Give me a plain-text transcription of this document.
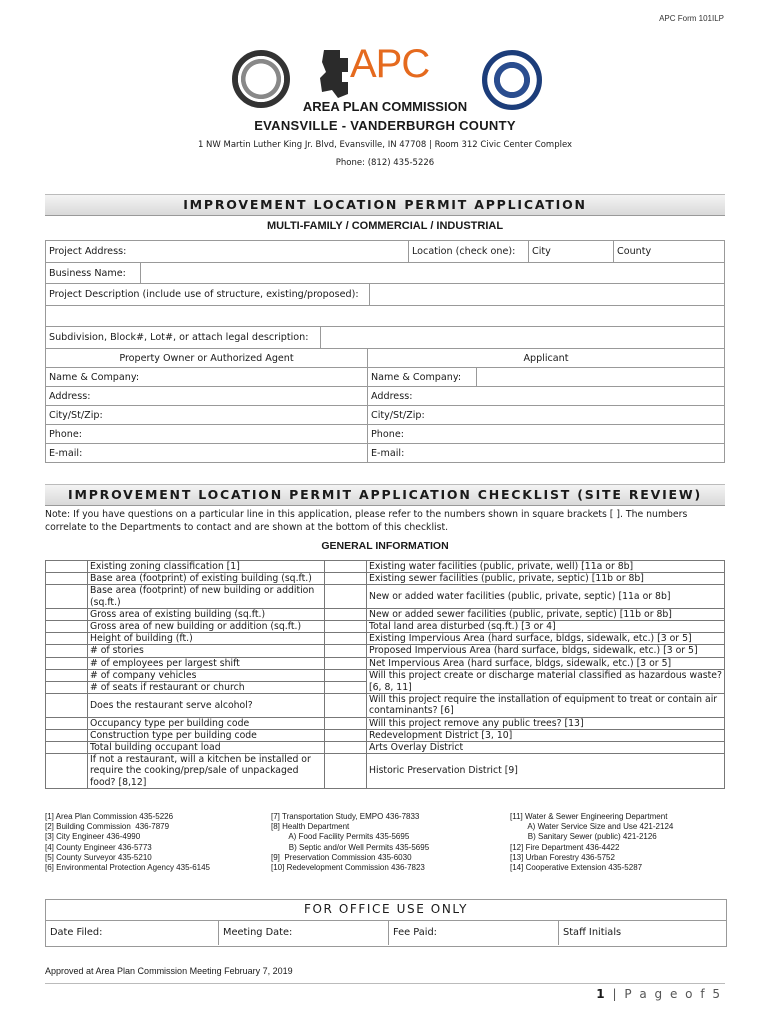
APC Form 101ILP
APC
AREA PLAN COMMISSION
EVANSVILLE - VANDERBURGH COUNTY
1 NW Martin Luther King Jr. Blvd, Evansville, IN 47708 | Room 312 Civic Center Complex
Phone: (812) 435-5226
IMPROVEMENT LOCATION PERMIT APPLICATION
MULTI-FAMILY / COMMERCIAL / INDUSTRIAL
Project Address:	Location (check one):	City	County
Business Name:	
Project Description (include use of structure, existing/proposed):	

Subdivision, Block#, Lot#, or attach legal description:	
Property Owner or Authorized Agent		Applicant	
Name & Company:		Name & Company:	
Address:		Address:	
City/St/Zip:		City/St/Zip:	
Phone:		Phone:	
E-mail:		E-mail:	
IMPROVEMENT LOCATION PERMIT APPLICATION CHECKLIST (SITE REVIEW)
Note: If you have questions on a particular line in this application, please refer to the numbers shown in square brackets [ ]. The numbers correlate to the Departments to contact and are shown at the bottom of this checklist.
GENERAL INFORMATION
	Existing zoning classification [1]		Existing water facilities (public, private, well) [11a or 8b]
	Base area (footprint) of existing building (sq.ft.)		Existing sewer facilities (public, private, septic) [11b or 8b]
	Base area (footprint) of new building or addition (sq.ft.)		New or added water facilities (public, private, septic) [11a or 8b]
	Gross area of existing building (sq.ft.)		New or added sewer facilities (public, private, septic) [11b or 8b]
	Gross area of new building or addition (sq.ft.)		Total land area disturbed (sq.ft.) [3 or 4]
	Height of building (ft.)		Existing Impervious Area (hard surface, bldgs, sidewalk, etc.) [3 or 5]
	# of stories		Proposed Impervious Area (hard surface, bldgs, sidewalk, etc.) [3 or 5]
	# of employees per largest shift		Net Impervious Area (hard surface, bldgs, sidewalk, etc.) [3 or 5]
	# of company vehicles		Will this project create or discharge material classified as hazardous waste? [6, 8, 11]
	# of seats if restaurant or church		
	Does the restaurant serve alcohol?		Will this project require the installation of equipment to treat or contain air contaminants? [6]
	Occupancy type per building code		Will this project remove any public trees? [13]
	Construction type per building code		Redevelopment District [3, 10]
	Total building occupant load		Arts Overlay District
	If not a restaurant, will a kitchen be installed or require the cooking/prep/sale of unpackaged food? [8,12]		Historic Preservation District [9]
[1] Area Plan Commission 435-5226
[2] Building Commission  436-7879
[3] City Engineer 436-4990
[4] County Engineer 436-5773
[5] County Surveyor 435-5210
[6] Environmental Protection Agency 435-6145
[7] Transportation Study, EMPO 436-7833
[8] Health Department
A) Food Facility Permits 435-5695
B) Septic and/or Well Permits 435-5695
[9]  Preservation Commission 435-6030
[10] Redevelopment Commission 436-7823
[11] Water & Sewer Engineering Department
A) Water Service Size and Use 421-2124
B) Sanitary Sewer (public) 421-2126
[12] Fire Department 436-4422
[13] Urban Forestry 436-5752
[14] Cooperative Extension 435-5287
FOR OFFICE USE ONLY
Date Filed:	Meeting Date:	Fee Paid:	Staff Initials
Approved at Area Plan Commission Meeting February 7, 2019
1 | P a g e o f 5
